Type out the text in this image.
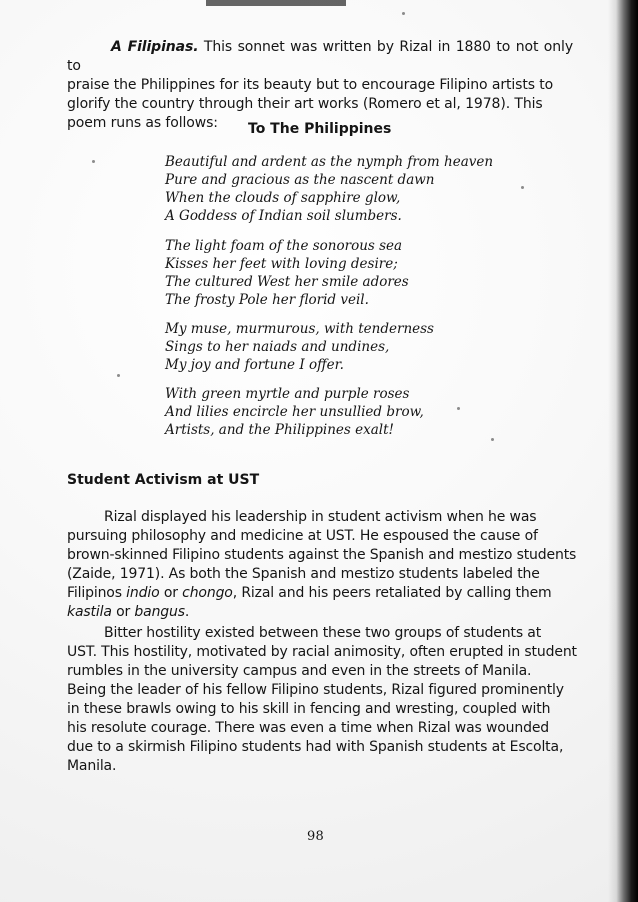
A Filipinas. This sonnet was written by Rizal in 1880 to not only to
praise the Philippines for its beauty but to encourage Filipino artists to
glorify the country through their art works (Romero et al, 1978). This
poem runs as follows:	To The Philippines
Beautiful and ardent as the nymph from heaven
Pure and gracious as the nascent dawn
When the clouds of sapphire glow,
A Goddess of Indian soil slumbers.
The light foam of the sonorous sea
Kisses her feet with loving desire;
The cultured West her smile adores
The frosty Pole her florid veil.
My muse, murmurous, with tenderness
Sings to her naiads and undines,
My joy and fortune I offer.
With green myrtle and purple roses
And lilies encircle her unsullied brow,
Artists, and the Philippines exalt!
Student Activism at UST
Rizal displayed his leadership in student activism when he was
pursuing philosophy and medicine at UST. He espoused the cause of
brown-skinned Filipino students against the Spanish and mestizo students
(Zaide, 1971). As both the Spanish and mestizo students labeled the
Filipinos indio or chongo, Rizal and his peers retaliated by calling them
kastila or bangus.
Bitter hostility existed between these two groups of students at
UST. This hostility, motivated by racial animosity, often erupted in student
rumbles in the university campus and even in the streets of Manila.
Being the leader of his fellow Filipino students, Rizal figured prominently
in these brawls owing to his skill in fencing and wresting, coupled with
his resolute courage. There was even a time when Rizal was wounded
due to a skirmish Filipino students had with Spanish students at Escolta,
Manila.
98
